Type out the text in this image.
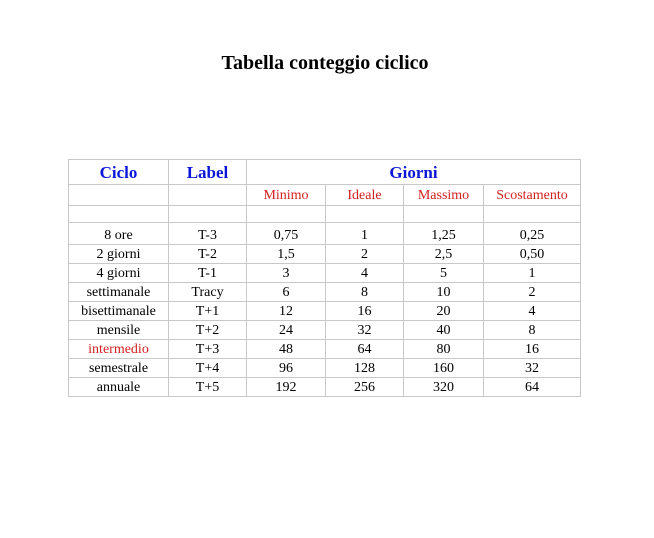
Tabella conteggio ciclico
Ciclo	Label	Giorni			
		Minimo	Ideale	Massimo	Scostamento

8 ore	T-3	0,75	1	1,25	0,25
2 giorni	T-2	1,5	2	2,5	0,50
4 giorni	T-1	3	4	5	1
settimanale	Tracy	6	8	10	2
bisettimanale	T+1	12	16	20	4
mensile	T+2	24	32	40	8
intermedio	T+3	48	64	80	16
semestrale	T+4	96	128	160	32
annuale	T+5	192	256	320	64
